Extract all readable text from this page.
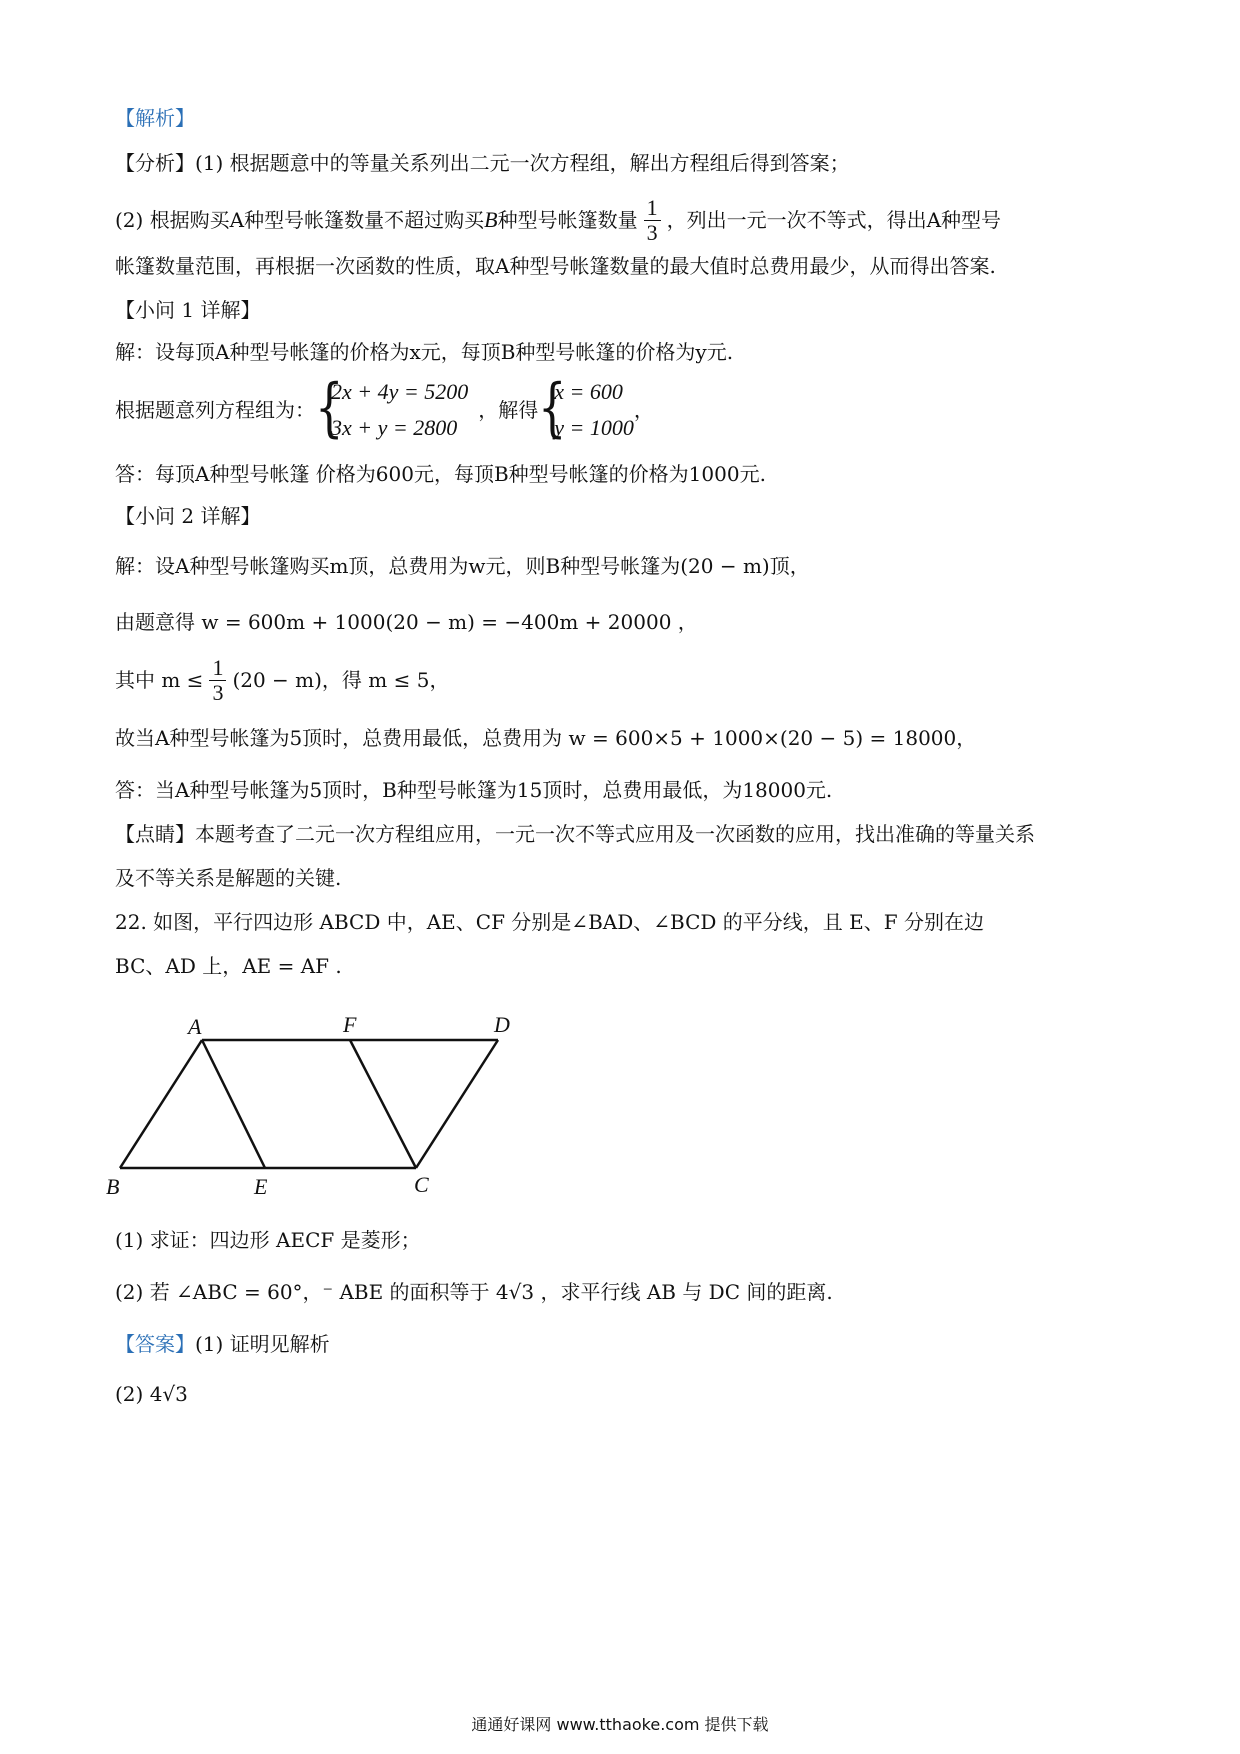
【解析】
【分析】(1) 根据题意中的等量关系列出二元一次方程组，解出方程组后得到答案；
(2) 根据购买A种型号帐篷数量不超过购买 B 种型号帐篷数量 $\frac{1}{3}$ ，列出一元一次不等式，得出A种型号
帐篷数量范围，再根据一次函数的性质，取A种型号帐篷数量的最大值时总费用最少，从而得出答案.
【小问 1 详解】
解：设每顶A种型号帐篷的价格为x元，每顶B种型号帐篷的价格为y元.
根据题意列方程组为： {
2x + 4y = 5200
3x + y = 2800
，解得 {
x = 600
y = 1000
，
答：每顶A种型号帐篷 价格为600元，每顶B种型号帐篷的价格为1000元.
【小问 2 详解】
解：设A种型号帐篷购买m顶，总费用为w元，则B种型号帐篷为(20 − m)顶，
由题意得 w = 600m + 1000(20 − m) = −400m + 20000 ，
其中 $m \le \frac{1}{3} (20 - m)$，得 m ≤ 5，
故当A种型号帐篷为5顶时，总费用最低，总费用为 w = 600×5 + 1000×(20 − 5) = 18000，
答：当A种型号帐篷为5顶时，B种型号帐篷为15顶时，总费用最低，为18000元.
【点睛】本题考查了二元一次方程组应用，一元一次不等式应用及一次函数的应用，找出准确的等量关系
及不等关系是解题的关键.
22. 如图，平行四边形 ABCD 中，AE、CF 分别是∠BAD、∠BCD 的平分线，且 E、F 分别在边
BC、AD 上，AE = AF .
A	F	D
B	E	C
(1) 求证：四边形 AECF 是菱形；
(2) 若 ∠ABC = 60°，⁻ ABE 的面积等于 4√3 ，求平行线 AB 与 DC 间的距离.
【答案】(1) 证明见解析
(2) 4√3
通通好课网 www.tthaoke.com 提供下载
